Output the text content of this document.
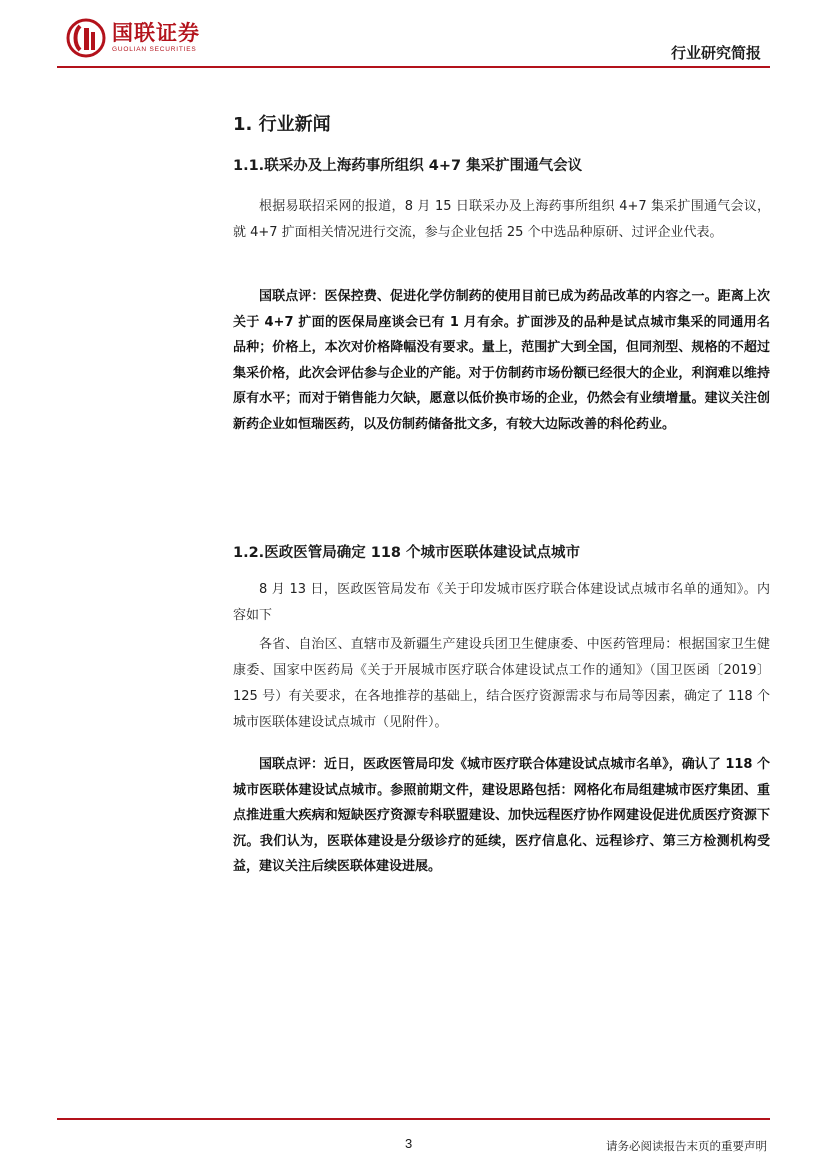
国联证券
GUOLIAN SECURITIES	行业研究简报
1. 行业新闻
1.1.联采办及上海药事所组织 4+7 集采扩围通气会议
根据易联招采网的报道，8 月 15 日联采办及上海药事所组织 4+7 集采扩围通气会议，就 4+7 扩面相关情况进行交流，参与企业包括 25 个中选品种原研、过评企业代表。
国联点评：医保控费、促进化学仿制药的使用目前已成为药品改革的内容之一。距离上次关于 4+7 扩面的医保局座谈会已有 1 月有余。扩面涉及的品种是试点城市集采的同通用名品种；价格上，本次对价格降幅没有要求。量上，范围扩大到全国，但同剂型、规格的不超过集采价格，此次会评估参与企业的产能。对于仿制药市场份额已经很大的企业，利润难以维持原有水平；而对于销售能力欠缺，愿意以低价换市场的企业，仍然会有业绩增量。建议关注创新药企业如恒瑞医药，以及仿制药储备批文多，有较大边际改善的科伦药业。
1.2.医政医管局确定 118 个城市医联体建设试点城市
8 月 13 日，医政医管局发布《关于印发城市医疗联合体建设试点城市名单的通知》。内容如下
各省、自治区、直辖市及新疆生产建设兵团卫生健康委、中医药管理局：根据国家卫生健康委、国家中医药局《关于开展城市医疗联合体建设试点工作的通知》（国卫医函〔2019〕125 号）有关要求，在各地推荐的基础上，结合医疗资源需求与布局等因素，确定了 118 个城市医联体建设试点城市（见附件）。
国联点评：近日，医政医管局印发《城市医疗联合体建设试点城市名单》，确认了 118 个城市医联体建设试点城市。参照前期文件，建设思路包括：网格化布局组建城市医疗集团、重点推进重大疾病和短缺医疗资源专科联盟建设、加快远程医疗协作网建设促进优质医疗资源下沉。我们认为，医联体建设是分级诊疗的延续，医疗信息化、远程诊疗、第三方检测机构受益，建议关注后续医联体建设进展。
3	请务必阅读报告末页的重要声明
